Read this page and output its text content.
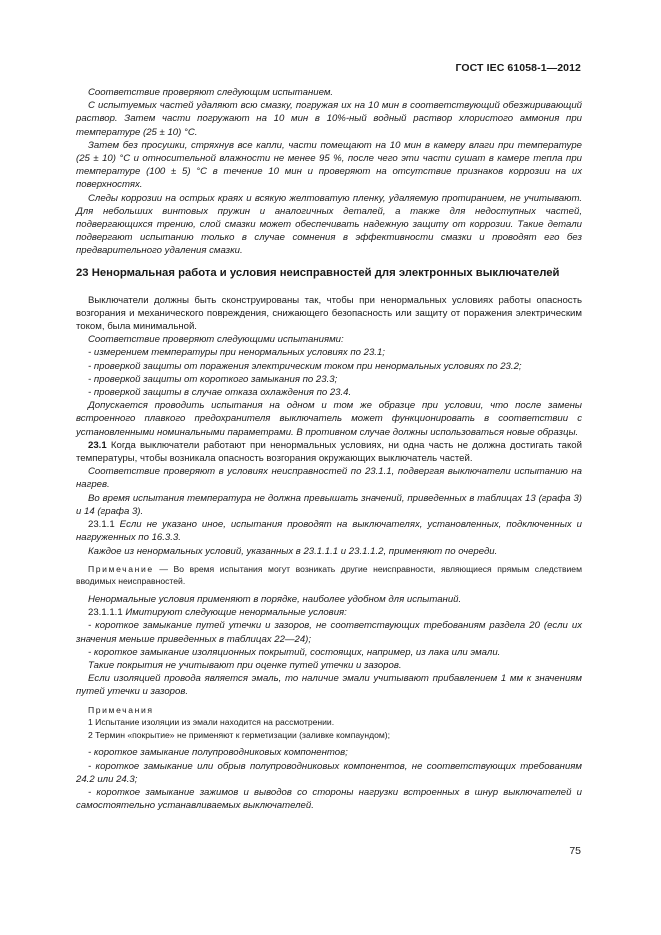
ГОСТ IEC 61058-1—2012

Соответствие проверяют следующим испытанием.

С испытуемых частей удаляют всю смазку, погружая их на 10 мин в соответствующий обезжиривающий раствор. Затем части погружают на 10 мин в 10%-ный водный раствор хлористого аммония при температуре (25 ± 10) °С.

Затем без просушки, стряхнув все капли, части помещают на 10 мин в камеру влаги при температуре (25 ± 10) °С и относительной влажности не менее 95 %, после чего эти части сушат в камере тепла при температуре (100 ± 5) °С в течение 10 мин и проверяют на отсутствие признаков коррозии на их поверхностях.

Следы коррозии на острых краях и всякую желтоватую пленку, удаляемую протиранием, не учитывают. Для небольших винтовых пружин и аналогичных деталей, а также для недоступных частей, подвергающихся трению, слой смазки может обеспечивать надежную защиту от коррозии. Такие детали подвергают испытанию только в случае сомнения в эффективности смазки и проводят его без предварительного удаления смазки.

23 Ненормальная работа и условия неисправностей для электронных выключателей

Выключатели должны быть сконструированы так, чтобы при ненормальных условиях работы опасность возгорания и механического повреждения, снижающего безопасность или защиту от поражения электрическим током, была минимальной.

Соответствие проверяют следующими испытаниями:

- измерением температуры при ненормальных условиях по 23.1;

- проверкой защиты от поражения электрическим током при ненормальных условиях по 23.2;

- проверкой защиты от короткого замыкания по 23.3;

- проверкой защиты в случае отказа охлаждения по 23.4.

Допускается проводить испытания на одном и том же образце при условии, что после замены встроенного плавкого предохранителя выключатель может функционировать в соответствии с установленными номинальными параметрами. В противном случае должны использоваться новые образцы.

23.1 Когда выключатели работают при ненормальных условиях, ни одна часть не должна достигать такой температуры, чтобы возникала опасность возгорания окружающих выключатель частей.

Соответствие проверяют в условиях неисправностей по 23.1.1, подвергая выключатели испытанию на нагрев.

Во время испытания температура не должна превышать значений, приведенных в таблицах 13 (графа 3) и 14 (графа 3).

23.1.1 Если не указано иное, испытания проводят на выключателях, установленных, подключенных и нагруженных по 16.3.3.

Каждое из ненормальных условий, указанных в 23.1.1.1 и 23.1.1.2, применяют по очереди.

Примечание — Во время испытания могут возникать другие неисправности, являющиеся прямым следствием вводимых неисправностей.

Ненормальные условия применяют в порядке, наиболее удобном для испытаний.

23.1.1.1 Имитируют следующие ненормальные условия:

- короткое замыкание путей утечки и зазоров, не соответствующих требованиям раздела 20 (если их значения меньше приведенных в таблицах 22—24);

- короткое замыкание изоляционных покрытий, состоящих, например, из лака или эмали.

Такие покрытия не учитывают при оценке путей утечки и зазоров.

Если изоляцией провода является эмаль, то наличие эмали учитывают прибавлением 1 мм к значениям путей утечки и зазоров.

Примечания

1 Испытание изоляции из эмали находится на рассмотрении.

2 Термин «покрытие» не применяют к герметизации (заливке компаундом);

- короткое замыкание полупроводниковых компонентов;

- короткое замыкание или обрыв полупроводниковых компонентов, не соответствующих требованиям 24.2 или 24.3;

- короткое замыкание зажимов и выводов со стороны нагрузки встроенных в шнур выключателей и самостоятельно устанавливаемых выключателей.

75
